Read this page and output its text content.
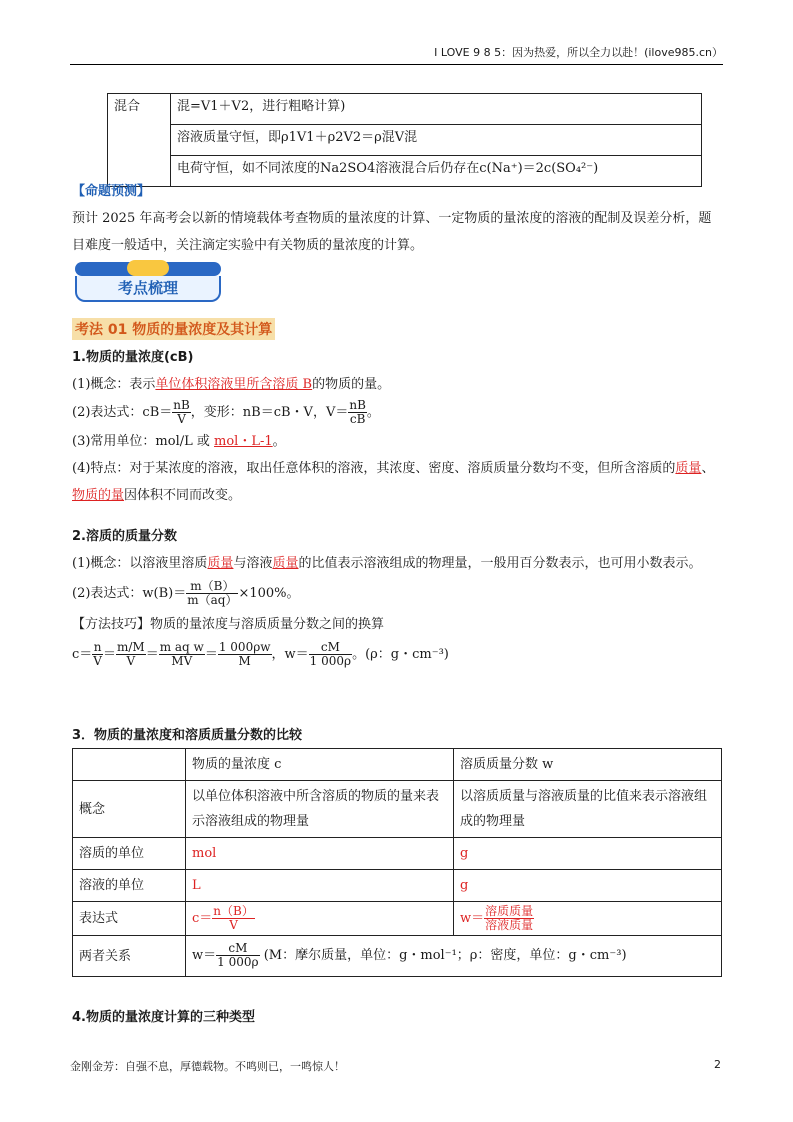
I LOVE 9 8 5：因为热爱，所以全力以赴！(ilove985.cn）
混合	混=V1＋V2，进行粗略计算)
溶液质量守恒，即ρ1V1＋ρ2V2＝ρ混V混
电荷守恒，如不同浓度的Na2SO4溶液混合后仍存在c(Na⁺)＝2c(SO₄²⁻)
【命题预测】
预计 2025 年高考会以新的情境载体考查物质的量浓度的计算、一定物质的量浓度的溶液的配制及误差分析，题目难度一般适中，关注滴定实验中有关物质的量浓度的计算。
考点梳理
考法 01 物质的量浓度及其计算
1.物质的量浓度(cB)
(1)概念：表示单位体积溶液里所含溶质 B的物质的量。
(2)表达式：$cB= \frac{nB}{V}$ ，变形：nB＝cB・V，$V= \frac{nB}{cB}$ 。
(3)常用单位：mol/L 或 mol・L-1。
(4)特点：对于某浓度的溶液，取出任意体积的溶液，其浓度、密度、溶质质量分数均不变，但所含溶质的质量、物质的量因体积不同而改变。
2.溶质的质量分数
(1)概念：以溶液里溶质质量与溶液质量的比值表示溶液组成的物理量，一般用百分数表示，也可用小数表示。
(2)表达式：$w(B)= \frac{m(B)}{m(aq)} \times 100\%$。
【方法技巧】物质的量浓度与溶质质量分数之间的换算
$c= \frac{n}{V} = \frac{m/M}{V} = \frac{\text{m aq w}}{MV} = \frac{1 000\rho w}{M}$ ，$w= \frac{cM}{1 000\rho}$ 。(ρ：g・cm⁻³)
3．物质的量浓度和溶质质量分数的比较
	物质的量浓度 c	溶质质量分数 w
概念	以单位体积溶液中所含溶质的物质的量来表示溶液组成的物理量	以溶质质量与溶液质量的比值来表示溶液组成的物理量
溶质的单位	mol	g
溶液的单位	L	g
表达式	$c= \frac{n(B)}{V}$	$w= \frac{\text{溶质质量}}{\text{溶液质量}}$

两者关系	$w= \frac{cM}{1 000\rho} (M$：摩尔质量，单位：g・mol⁻¹；ρ：密度，单位：g・cm⁻³)	
4.物质的量浓度计算的三种类型
金刚金芳：自强不息，厚德载物。不鸣则已，一鸣惊人！	2
